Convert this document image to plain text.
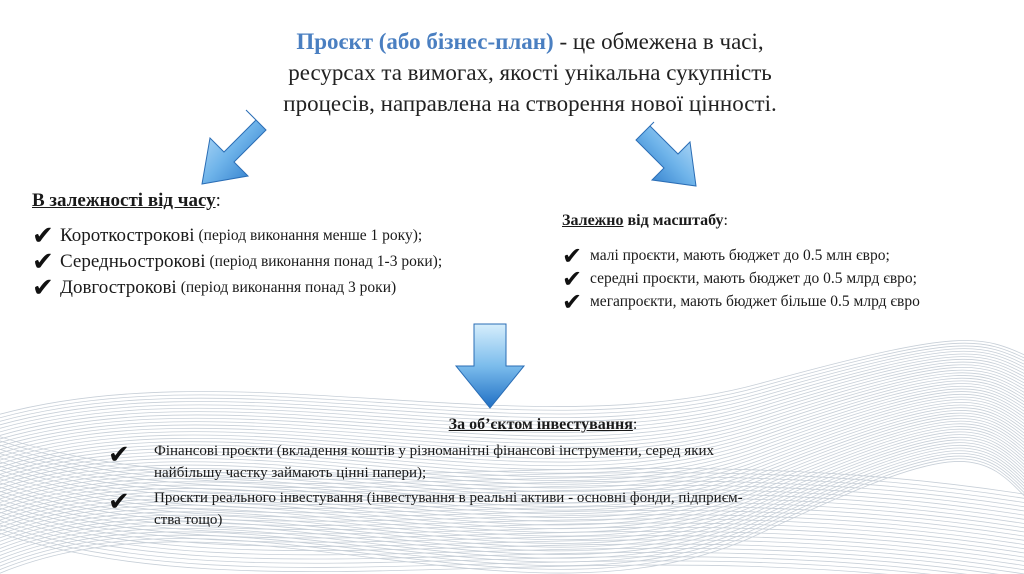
Проєкт (або бізнес-план) - це обмежена в часі,
ресурсах та вимогах, якості унікальна сукупність
процесів, направлена на створення нової цінності.
В залежності від часу:
✔ Короткострокові (період виконання менше 1 року);
✔ Середньострокові (період виконання понад 1-3 роки);
✔ Довгострокові (період виконання понад 3 роки)
Залежно від масштабу:
✔ малі проєкти, мають бюджет до 0.5 млн євро;
✔ середні проєкти, мають бюджет до 0.5 млрд євро;
✔ мегапроєкти, мають бюджет більше 0.5 млрд євро
За об’єктом інвестування:
✔ Фінансові проєкти (вкладення коштів у різноманітні фінансові інструменти, серед яких
найбільшу частку займають цінні папери);
✔ Проєкти реального інвестування (інвестування в реальні активи - основні фонди, підприєм-
ства тощо)
